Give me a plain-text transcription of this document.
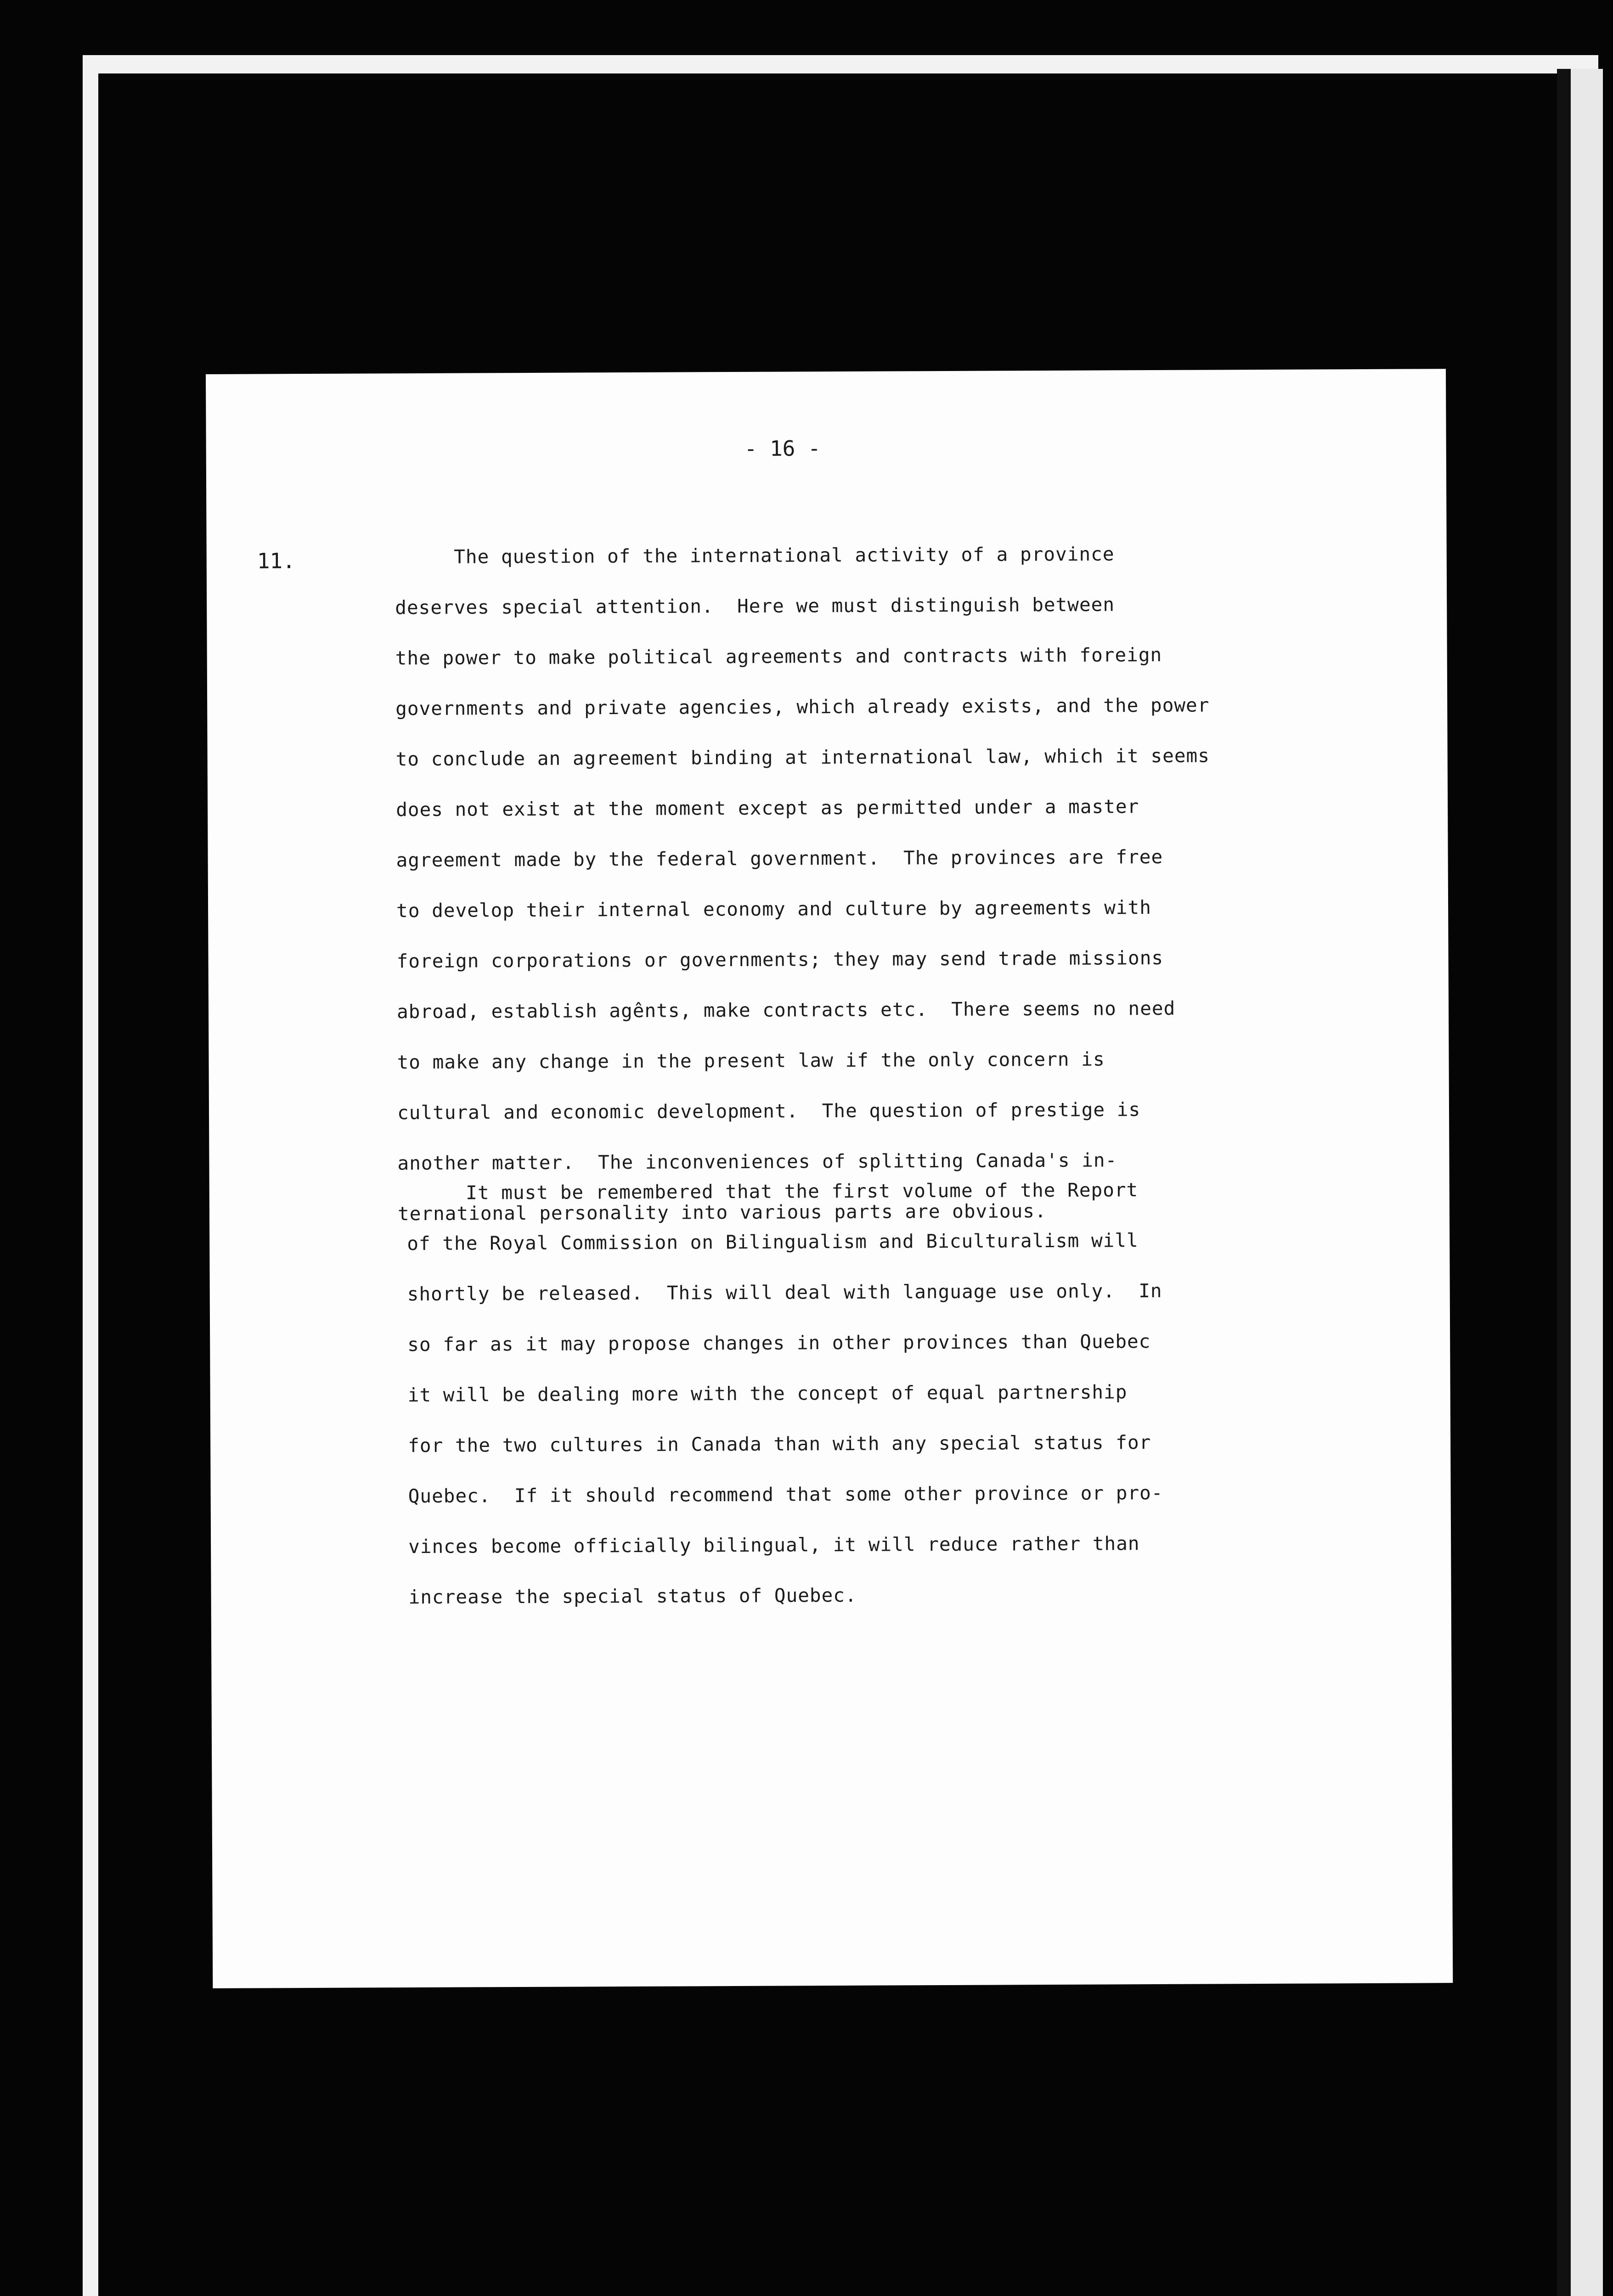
- 16 -
11.	The question of the international activity of a province
deserves special attention.  Here we must distinguish between
the power to make political agreements and contracts with foreign
governments and private agencies, which already exists, and the power
to conclude an agreement binding at international law, which it seems
does not exist at the moment except as permitted under a master
agreement made by the federal government.  The provinces are free
to develop their internal economy and culture by agreements with
foreign corporations or governments; they may send trade missions
abroad, establish agênts, make contracts etc.  There seems no need
to make any change in the present law if the only concern is
cultural and economic development.  The question of prestige is
another matter.  The inconveniences of splitting Canada's in-
ternational personality into various parts are obvious.
It must be remembered that the first volume of the Report
of the Royal Commission on Bilingualism and Biculturalism will
shortly be released.  This will deal with language use only.  In
so far as it may propose changes in other provinces than Quebec
it will be dealing more with the concept of equal partnership
for the two cultures in Canada than with any special status for
Quebec.  If it should recommend that some other province or pro-
vinces become officially bilingual, it will reduce rather than
increase the special status of Quebec.
